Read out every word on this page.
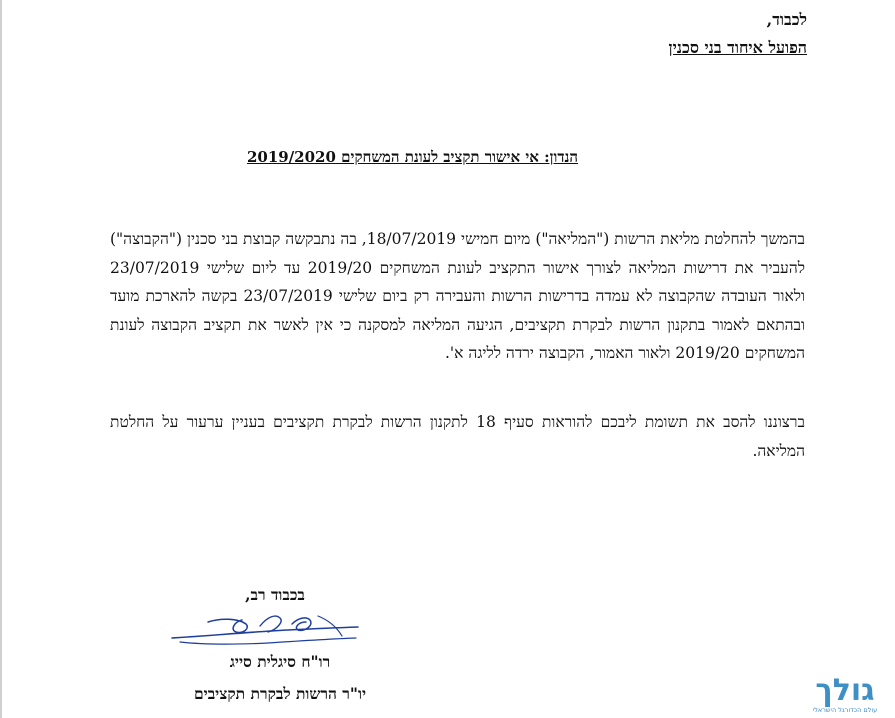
לכבוד,
הפועל איחוד בני סכנין
הנדון: אי אישור תקציב לעונת המשחקים 2019/2020
בהמשך להחלטת מליאת הרשות ("המליאה") מיום חמישי 18/07/2019, בה נתבקשה קבוצת בני סכנין ("הקבוצה") להעביר את דרישות המליאה לצורך אישור התקציב לעונת המשחקים 2019/20 עד ליום שלישי 23/07/2019 ולאור העובדה שהקבוצה לא עמדה בדרישות הרשות והעבירה רק ביום שלישי 23/07/2019 בקשה להארכת מועד ובהתאם לאמור בתקנון הרשות לבקרת תקציבים, הגיעה המליאה למסקנה כי אין לאשר את תקציב הקבוצה לעונת המשחקים 2019/20 ולאור האמור, הקבוצה ירדה לליגה א'.
ברצוננו להסב את תשומת ליבכם להוראות סעיף 18 לתקנון הרשות לבקרת תקציבים בעניין ערעור על החלטת המליאה.
בכבוד רב,
רו"ח סיגלית סייג
יו"ר הרשות לבקרת תקציבים	גולך
עולם הכדורגל הישראלי
